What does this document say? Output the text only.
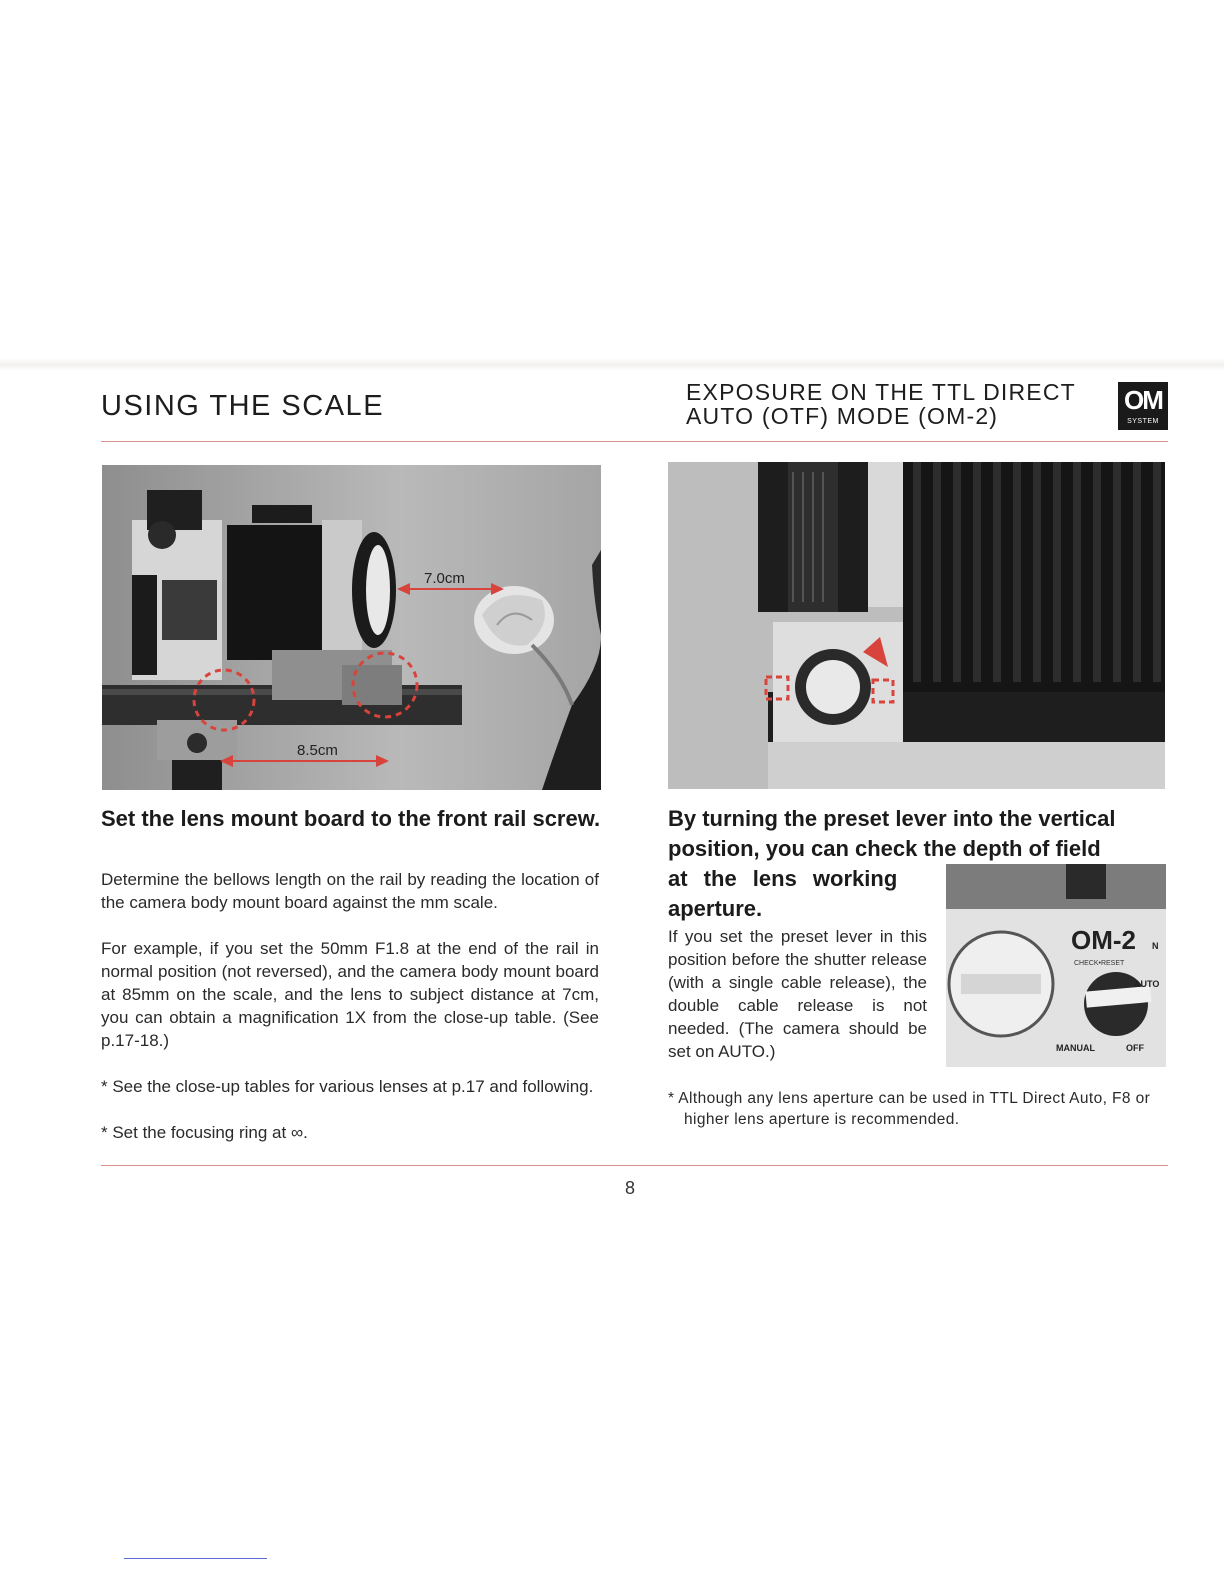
USING THE SCALE	EXPOSURE ON THE TTL DIRECT
AUTO (OTF) MODE (OM-2)
OM
SYSTEM
7.0cm
8.5cm
Set the lens mount board to the front rail screw.

Determine the bellows length on the rail by reading the location of the camera body mount board against the mm scale.

For example, if you set the 50mm F1.8 at the end of the rail in normal position (not reversed), and the camera body mount board at 85mm on the scale, and the lens to subject distance at 7cm, you can obtain a magnification 1X from the close-up table. (See p.17-18.)

* See the close-up tables for various lenses at p.17 and following.

* Set the focusing ring at ∞.

By turning the preset lever into the vertical
position, you can check the depth of field
at the lens working
aperture.

If you set the preset lever in this position before the shutter release (with a single cable release), the double cable release is not needed. (The camera should be set on AUTO.)

OM-2 N
CHECK•RESET
AUTO
MANUAL	OFF

* Although any lens aperture can be used in TTL Direct Auto, F8 or higher lens aperture is recommended.

8
